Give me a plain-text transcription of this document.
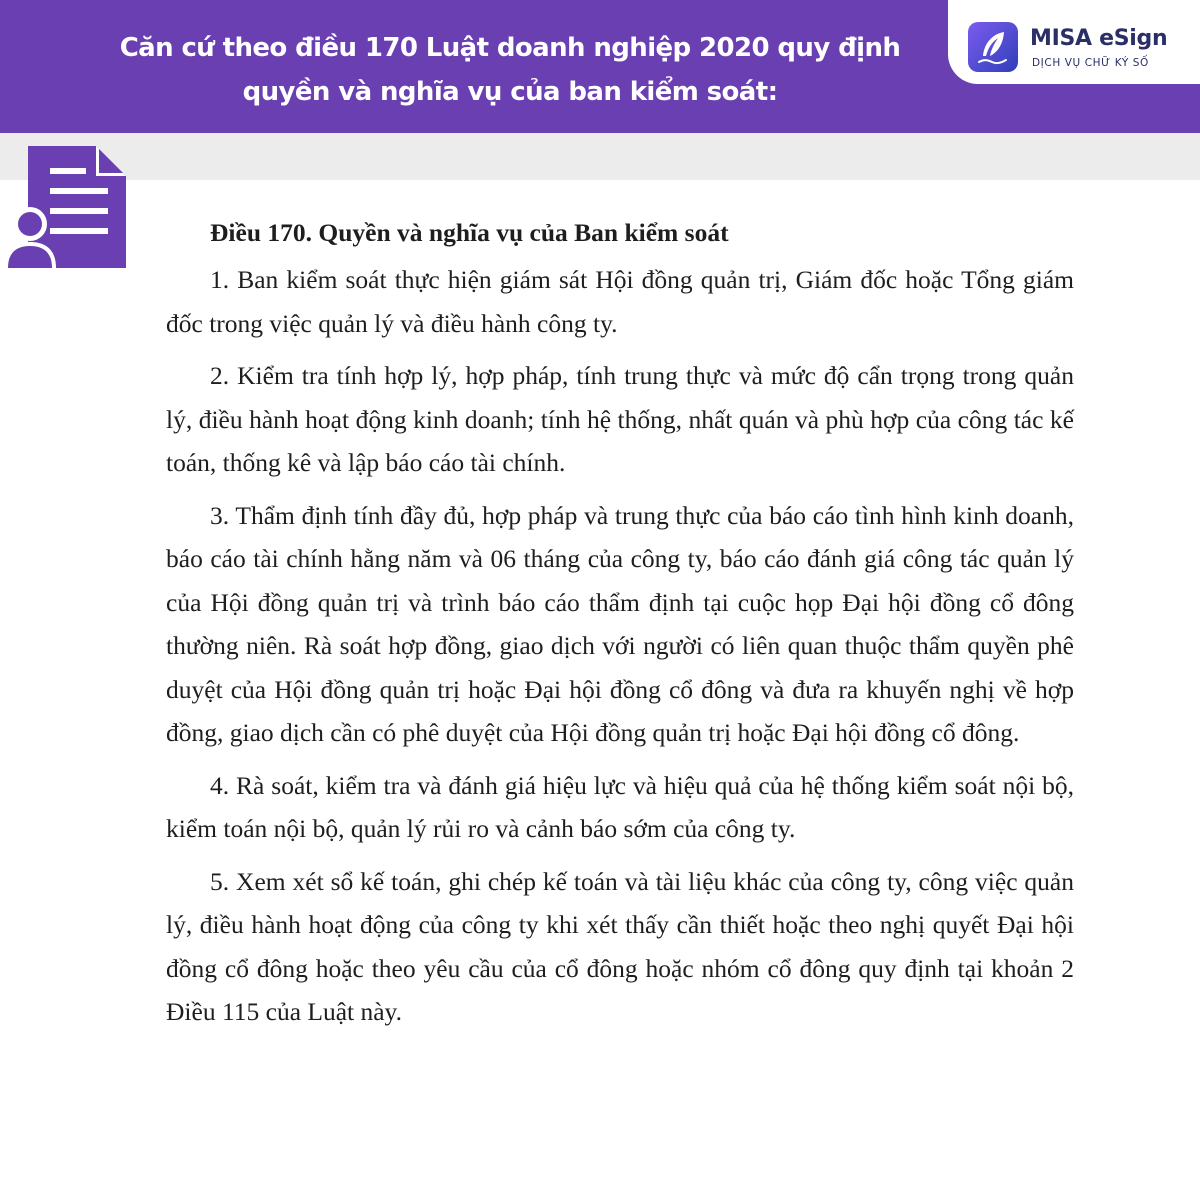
Căn cứ theo điều 170 Luật doanh nghiệp 2020 quy định
quyền và nghĩa vụ của ban kiểm soát:
MISA eSign
DỊCH VỤ CHỮ KÝ SỐ
Điều 170. Quyền và nghĩa vụ của Ban kiểm soát

1. Ban kiểm soát thực hiện giám sát Hội đồng quản trị, Giám đốc hoặc Tổng giám đốc trong việc quản lý và điều hành công ty.

2. Kiểm tra tính hợp lý, hợp pháp, tính trung thực và mức độ cẩn trọng trong quản lý, điều hành hoạt động kinh doanh; tính hệ thống, nhất quán và phù hợp của công tác kế toán, thống kê và lập báo cáo tài chính.

3. Thẩm định tính đầy đủ, hợp pháp và trung thực của báo cáo tình hình kinh doanh, báo cáo tài chính hằng năm và 06 tháng của công ty, báo cáo đánh giá công tác quản lý của Hội đồng quản trị và trình báo cáo thẩm định tại cuộc họp Đại hội đồng cổ đông thường niên. Rà soát hợp đồng, giao dịch với người có liên quan thuộc thẩm quyền phê duyệt của Hội đồng quản trị hoặc Đại hội đồng cổ đông và đưa ra khuyến nghị về hợp đồng, giao dịch cần có phê duyệt của Hội đồng quản trị hoặc Đại hội đồng cổ đông.

4. Rà soát, kiểm tra và đánh giá hiệu lực và hiệu quả của hệ thống kiểm soát nội bộ, kiểm toán nội bộ, quản lý rủi ro và cảnh báo sớm của công ty.

5. Xem xét sổ kế toán, ghi chép kế toán và tài liệu khác của công ty, công việc quản lý, điều hành hoạt động của công ty khi xét thấy cần thiết hoặc theo nghị quyết Đại hội đồng cổ đông hoặc theo yêu cầu của cổ đông hoặc nhóm cổ đông quy định tại khoản 2 Điều 115 của Luật này.
